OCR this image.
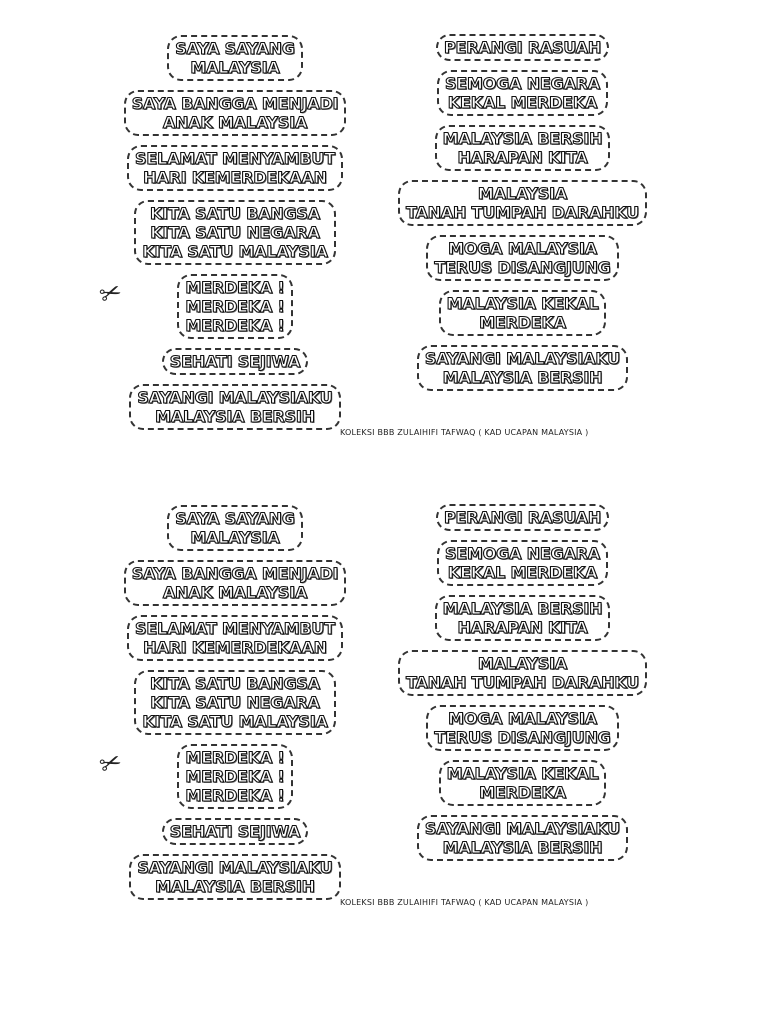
SAYA SAYANG
MALAYSIA
SAYA BANGGA MENJADI
ANAK MALAYSIA
SELAMAT MENYAMBUT
HARI KEMERDEKAAN
KITA SATU BANGSA
KITA SATU NEGARA
KITA SATU MALAYSIA
MERDEKA !
MERDEKA !
MERDEKA !
SEHATI SEJIWA
SAYANGI MALAYSIAKU
MALAYSIA BERSIH
PERANGI RASUAH
SEMOGA NEGARA
KEKAL MERDEKA
MALAYSIA BERSIH
HARAPAN KITA
MALAYSIA
TANAH TUMPAH DARAHKU
MOGA MALAYSIA
TERUS DISANGJUNG
MALAYSIA KEKAL
MERDEKA
SAYANGI MALAYSIAKU
MALAYSIA BERSIH
✂
KOLEKSI BBB ZULAIHIFI TAFWAQ ( KAD UCAPAN MALAYSIA )
SAYA SAYANG
MALAYSIA
SAYA BANGGA MENJADI
ANAK MALAYSIA
SELAMAT MENYAMBUT
HARI KEMERDEKAAN
KITA SATU BANGSA
KITA SATU NEGARA
KITA SATU MALAYSIA
MERDEKA !
MERDEKA !
MERDEKA !
SEHATI SEJIWA
SAYANGI MALAYSIAKU
MALAYSIA BERSIH
PERANGI RASUAH
SEMOGA NEGARA
KEKAL MERDEKA
MALAYSIA BERSIH
HARAPAN KITA
MALAYSIA
TANAH TUMPAH DARAHKU
MOGA MALAYSIA
TERUS DISANGJUNG
MALAYSIA KEKAL
MERDEKA
SAYANGI MALAYSIAKU
MALAYSIA BERSIH
✂
KOLEKSI BBB ZULAIHIFI TAFWAQ ( KAD UCAPAN MALAYSIA )
